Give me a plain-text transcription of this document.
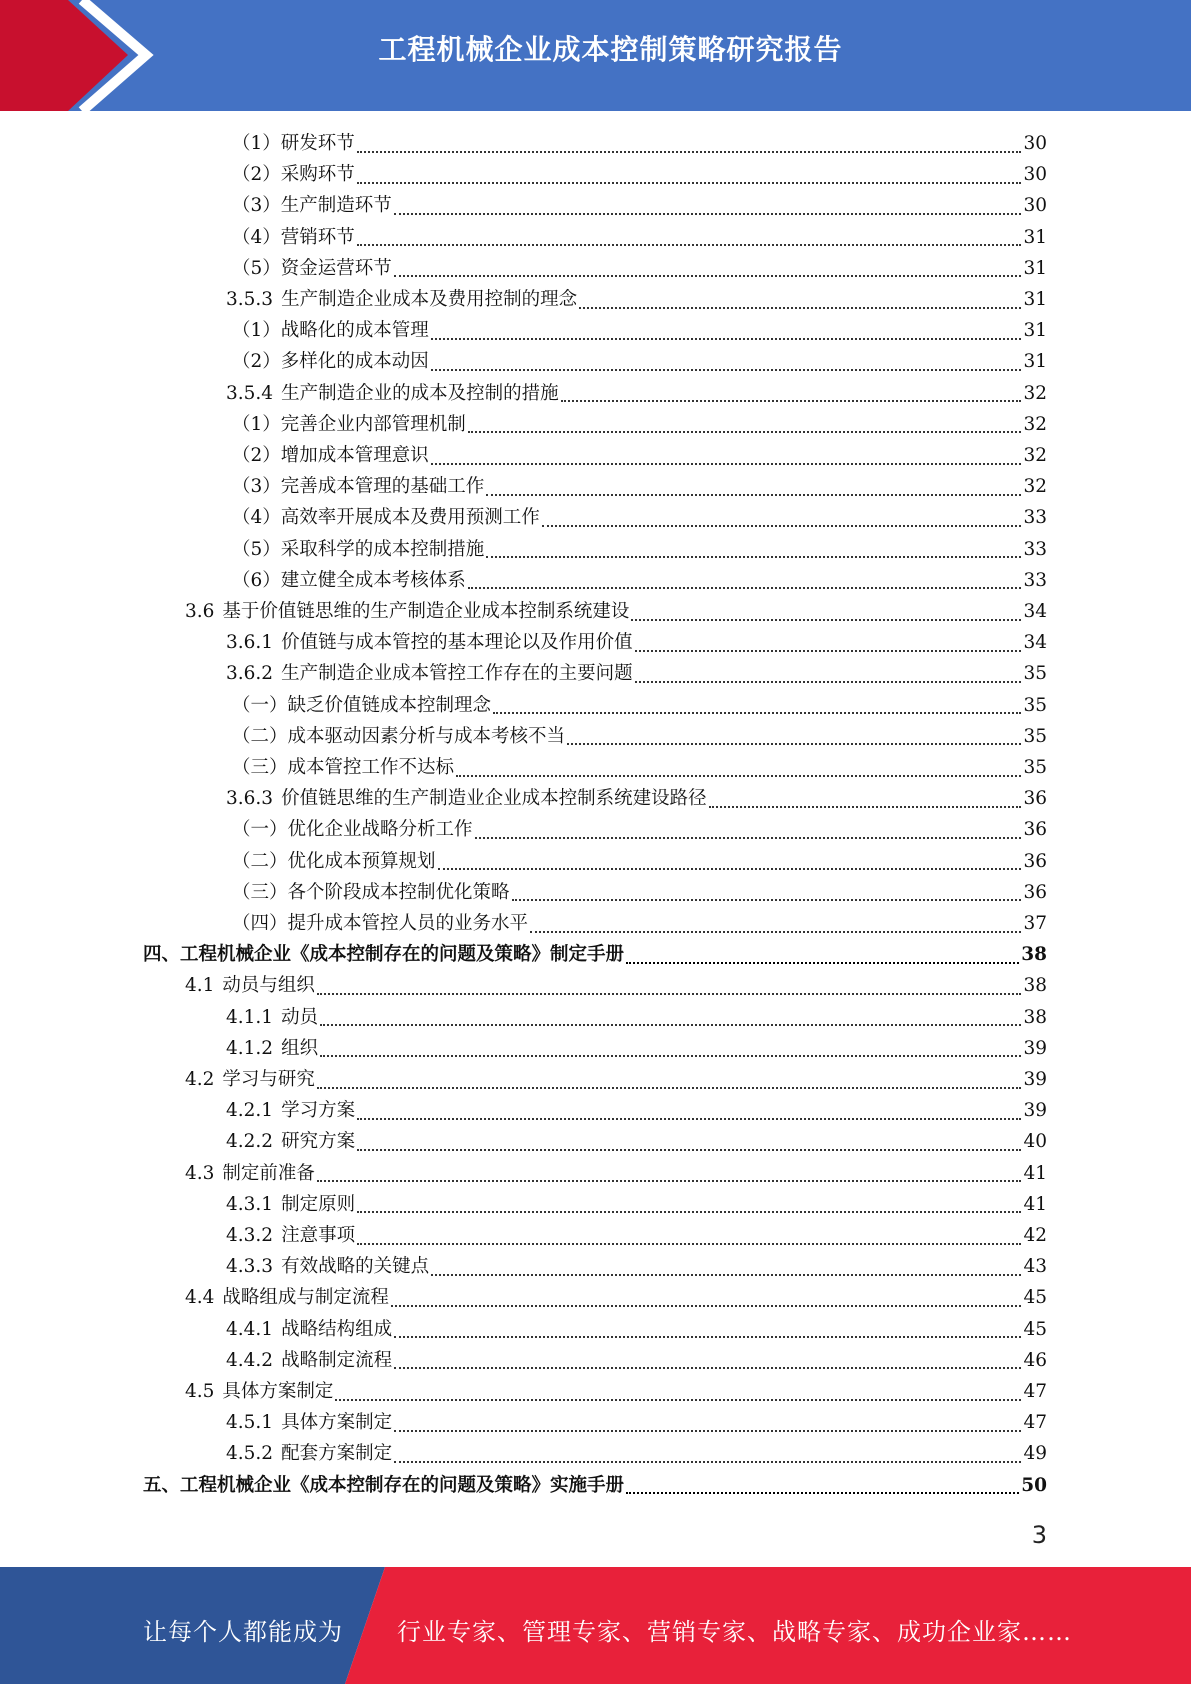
工程机械企业成本控制策略研究报告
（1）研发环节	30
（2）采购环节	30
（3）生产制造环节	30
（4）营销环节	31
（5）资金运营环节	31
3.5.3 生产制造企业成本及费用控制的理念	31
（1）战略化的成本管理	31
（2）多样化的成本动因	31
3.5.4 生产制造企业的成本及控制的措施	32
（1）完善企业内部管理机制	32
（2）增加成本管理意识	32
（3）完善成本管理的基础工作	32
（4）高效率开展成本及费用预测工作	33
（5）采取科学的成本控制措施	33
（6）建立健全成本考核体系	33
3.6 基于价值链思维的生产制造企业成本控制系统建设	34
3.6.1 价值链与成本管控的基本理论以及作用价值	34
3.6.2 生产制造企业成本管控工作存在的主要问题	35
（一）缺乏价值链成本控制理念	35
（二）成本驱动因素分析与成本考核不当	35
（三）成本管控工作不达标	35
3.6.3 价值链思维的生产制造业企业成本控制系统建设路径	36
（一）优化企业战略分析工作	36
（二）优化成本预算规划	36
（三）各个阶段成本控制优化策略	36
（四）提升成本管控人员的业务水平	37
四、工程机械企业《成本控制存在的问题及策略》制定手册	38
4.1 动员与组织	38
4.1.1 动员	38
4.1.2 组织	39
4.2 学习与研究	39
4.2.1 学习方案	39
4.2.2 研究方案	40
4.3 制定前准备	41
4.3.1 制定原则	41
4.3.2 注意事项	42
4.3.3 有效战略的关键点	43
4.4 战略组成与制定流程	45
4.4.1 战略结构组成	45
4.4.2 战略制定流程	46
4.5 具体方案制定	47
4.5.1 具体方案制定	47
4.5.2 配套方案制定	49
五、工程机械企业《成本控制存在的问题及策略》实施手册	50
3
让每个人都能成为 行业专家、管理专家、营销专家、战略专家、成功企业家……
